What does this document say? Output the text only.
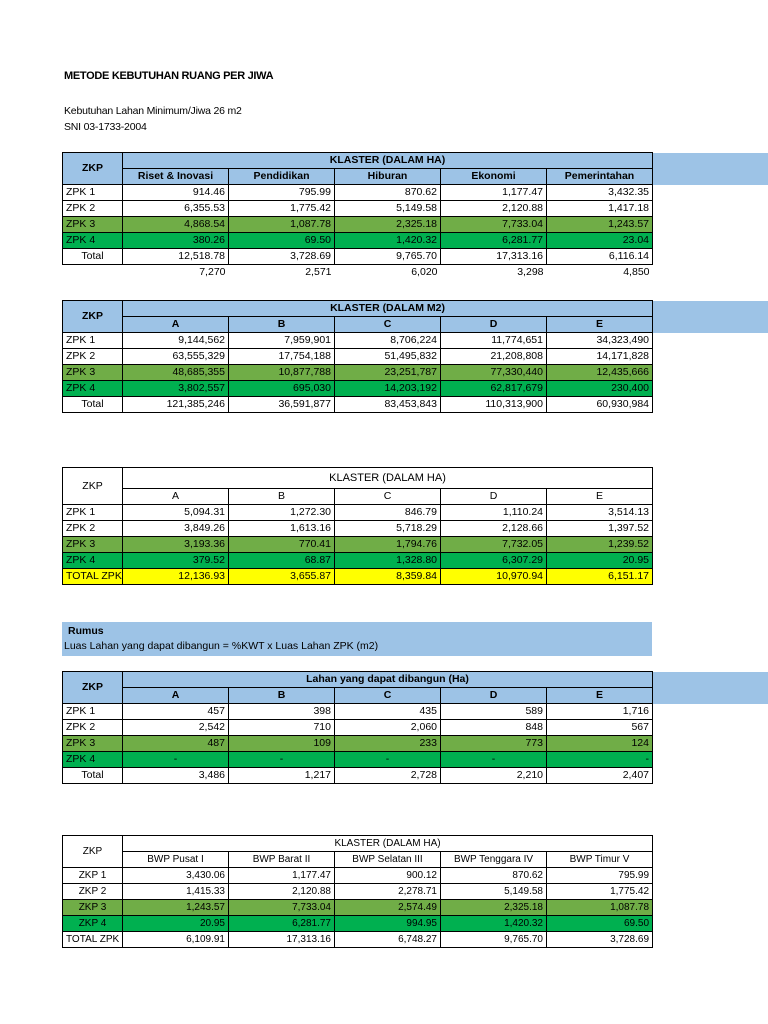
METODE KEBUTUHAN RUANG PER JIWA
Kebutuhan Lahan Minimum/Jiwa 26 m2
SNI 03-1733-2004
ZKP	KLASTER (DALAM HA)				
	Riset & Inovasi	Pendidikan	Hiburan	Ekonomi	Pemerintahan
ZPK 1	914.46	795.99	870.62	1,177.47	3,432.35
ZPK 2	6,355.53	1,775.42	5,149.58	2,120.88	1,417.18
ZPK 3	4,868.54	1,087.78	2,325.18	7,733.04	1,243.57
ZPK 4	380.26	69.50	1,420.32	6,281.77	23.04
Total	12,518.78	3,728.69	9,765.70	17,313.16	6,116.14
	7,270	2,571	6,020	3,298	4,850
ZKP	KLASTER (DALAM M2)				
	A	B	C	D	E
ZPK 1	9,144,562	7,959,901	8,706,224	11,774,651	34,323,490
ZPK 2	63,555,329	17,754,188	51,495,832	21,208,808	14,171,828
ZPK 3	48,685,355	10,877,788	23,251,787	77,330,440	12,435,666
ZPK 4	3,802,557	695,030	14,203,192	62,817,679	230,400
Total	121,385,246	36,591,877	83,453,843	110,313,900	60,930,984
ZKP	KLASTER (DALAM HA)				
	A	B	C	D	E
ZPK 1	5,094.31	1,272.30	846.79	1,110.24	3,514.13
ZPK 2	3,849.26	1,613.16	5,718.29	2,128.66	1,397.52
ZPK 3	3,193.36	770.41	1,794.76	7,732.05	1,239.52
ZPK 4	379.52	68.87	1,328.80	6,307.29	20.95
TOTAL ZPK	12,136.93	3,655.87	8,359.84	10,970.94	6,151.17
Rumus
Luas Lahan yang dapat dibangun = %KWT x Luas Lahan ZPK (m2)
ZKP	Lahan yang dapat dibangun (Ha)				
	A	B	C	D	E
ZPK 1	457	398	435	589	1,716
ZPK 2	2,542	710	2,060	848	567
ZPK 3	487	109	233	773	124
ZPK 4	-	-	-	-	-
Total	3,486	1,217	2,728	2,210	2,407
ZKP	KLASTER (DALAM HA)				
	BWP Pusat I	BWP Barat II	BWP Selatan III	BWP Tenggara IV	BWP Timur V
ZKP 1	3,430.06	1,177.47	900.12	870.62	795.99
ZKP 2	1,415.33	2,120.88	2,278.71	5,149.58	1,775.42
ZKP 3	1,243.57	7,733.04	2,574.49	2,325.18	1,087.78
ZKP 4	20.95	6,281.77	994.95	1,420.32	69.50
TOTAL ZPK	6,109.91	17,313.16	6,748.27	9,765.70	3,728.69
